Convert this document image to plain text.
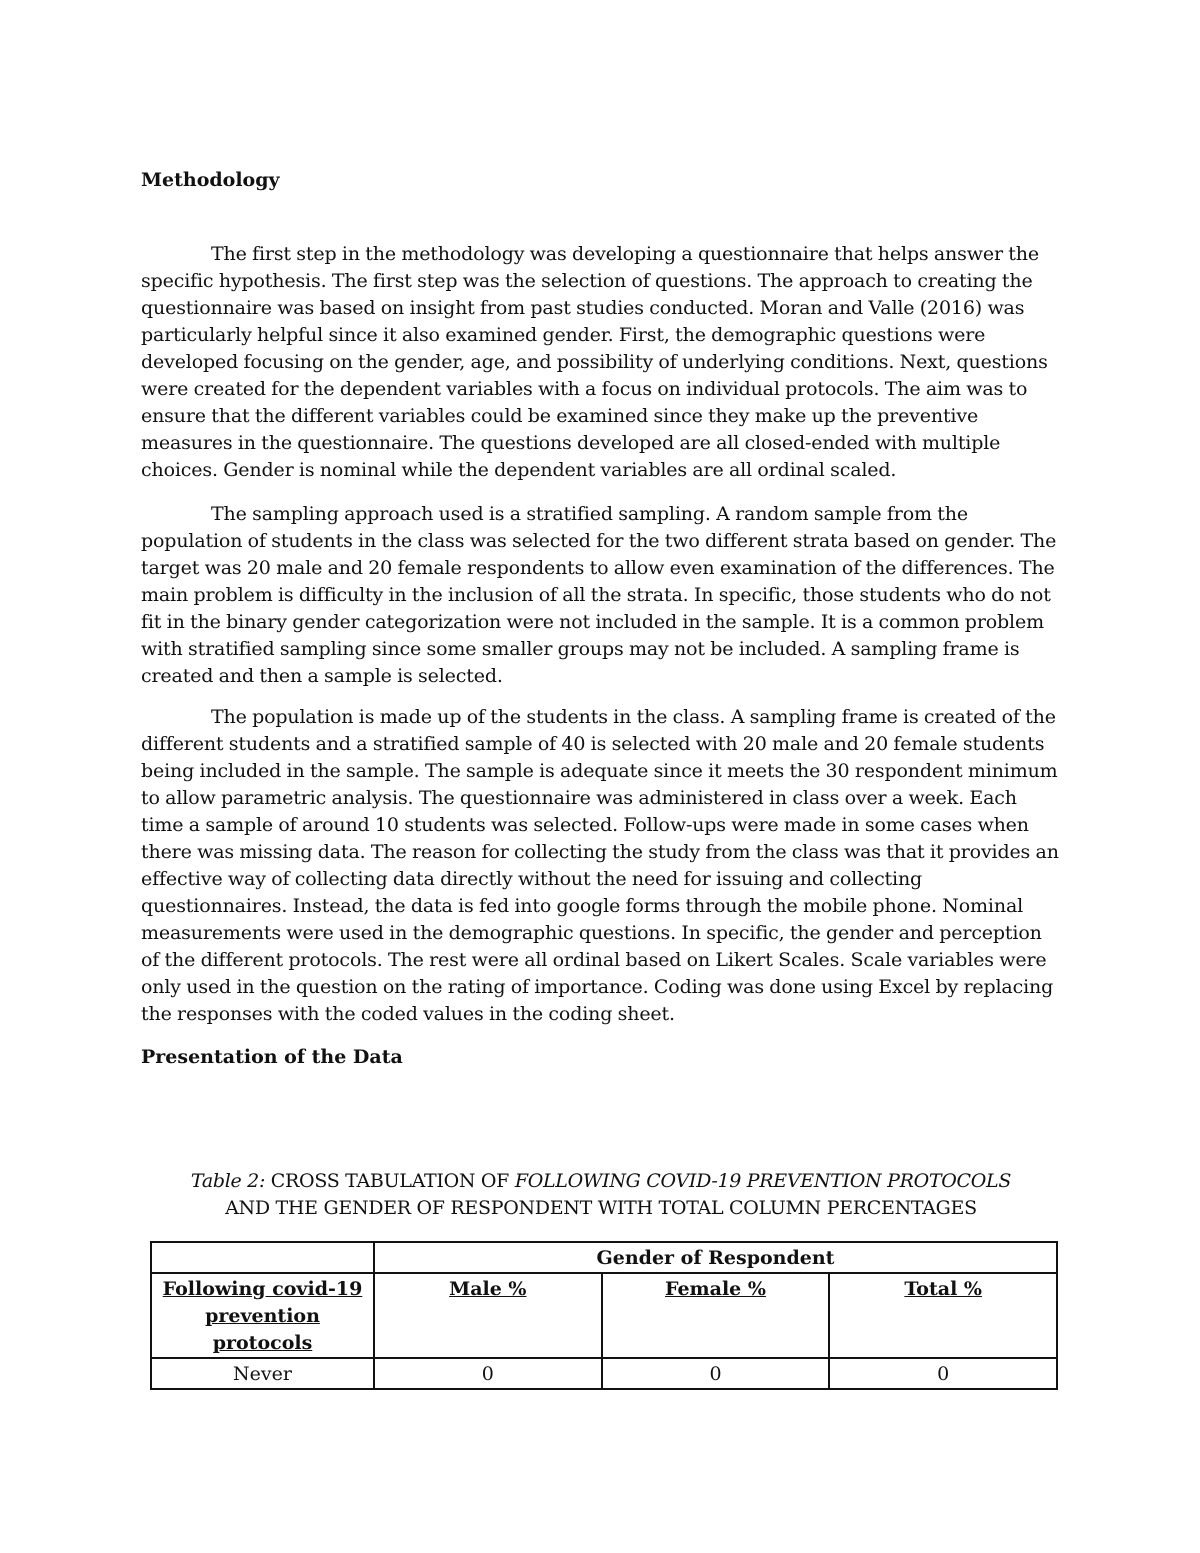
Methodology

The first step in the methodology was developing a questionnaire that helps answer the specific hypothesis. The first step was the selection of questions. The approach to creating the questionnaire was based on insight from past studies conducted. Moran and Valle (2016) was particularly helpful since it also examined gender. First, the demographic questions were developed focusing on the gender, age, and possibility of underlying conditions. Next, questions were created for the dependent variables with a focus on individual protocols. The aim was to ensure that the different variables could be examined since they make up the preventive measures in the questionnaire. The questions developed are all closed-ended with multiple choices. Gender is nominal while the dependent variables are all ordinal scaled.

The sampling approach used is a stratified sampling. A random sample from the population of students in the class was selected for the two different strata based on gender. The target was 20 male and 20 female respondents to allow even examination of the differences. The main problem is difficulty in the inclusion of all the strata. In specific, those students who do not fit in the binary gender categorization were not included in the sample. It is a common problem with stratified sampling since some smaller groups may not be included. A sampling frame is created and then a sample is selected.

The population is made up of the students in the class. A sampling frame is created of the different students and a stratified sample of 40 is selected with 20 male and 20 female students being included in the sample. The sample is adequate since it meets the 30 respondent minimum to allow parametric analysis. The questionnaire was administered in class over a week. Each time a sample of around 10 students was selected. Follow-ups were made in some cases when there was missing data. The reason for collecting the study from the class was that it provides an effective way of collecting data directly without the need for issuing and collecting questionnaires. Instead, the data is fed into google forms through the mobile phone. Nominal measurements were used in the demographic questions. In specific, the gender and perception of the different protocols. The rest were all ordinal based on Likert Scales. Scale variables were only used in the question on the rating of importance. Coding was done using Excel by replacing the responses with the coded values in the coding sheet.

Presentation of the Data

Table 2: CROSS TABULATION OF FOLLOWING COVID-19 PREVENTION PROTOCOLS
AND THE GENDER OF RESPONDENT WITH TOTAL COLUMN PERCENTAGES
	Gender of Respondent		
Following covid-19 prevention protocols	Male %	Female %	Total %
Never	0	0	0
